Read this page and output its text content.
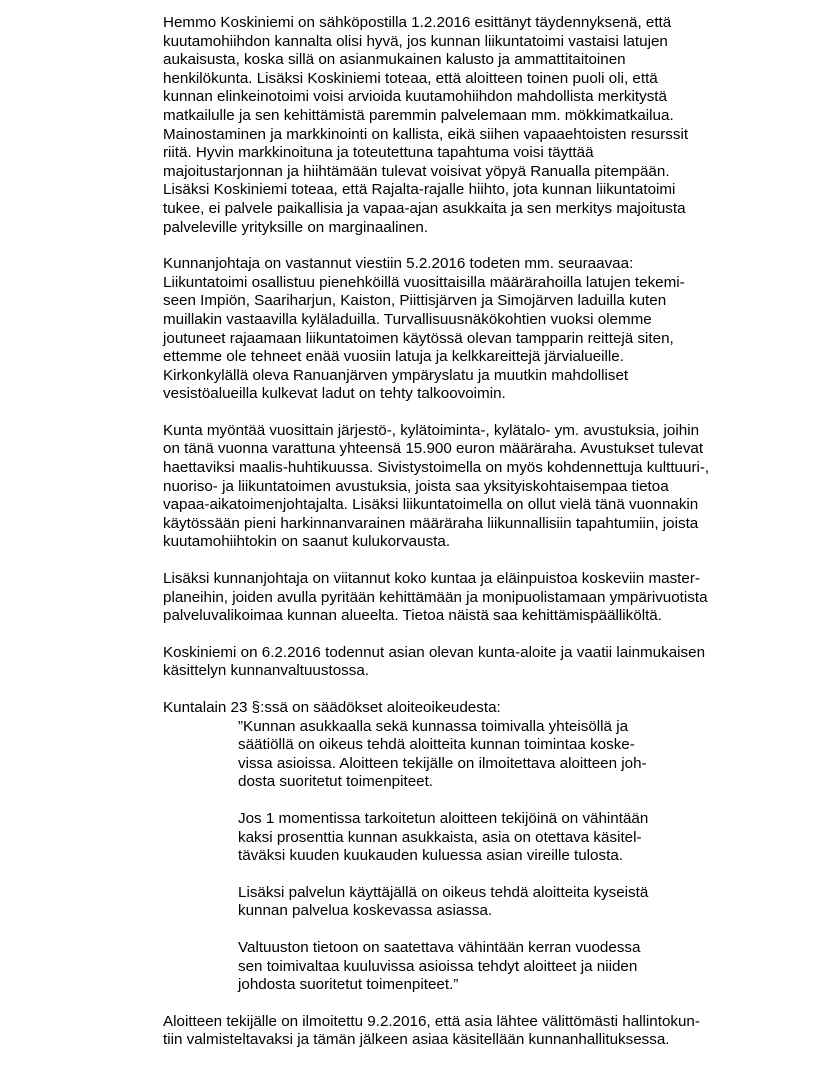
Hemmo Koskiniemi on sähköpostilla 1.2.2016 esittänyt täydennyksenä, että
kuutamohiihdon kannalta olisi hyvä, jos kunnan liikuntatoimi vastaisi latujen
aukaisusta, koska sillä on asianmukainen kalusto ja ammattitaitoinen
henkilökunta. Lisäksi Koskiniemi toteaa, että aloitteen toinen puoli oli, että
kunnan elinkeinotoimi voisi arvioida kuutamohiihdon mahdollista merkitystä
matkailulle ja sen kehittämistä paremmin palvelemaan mm. mökkimatkailua.
Mainostaminen ja markkinointi on kallista, eikä siihen vapaaehtoisten resurssit
riitä. Hyvin markkinoituna ja toteutettuna tapahtuma voisi täyttää
majoitustarjonnan ja hiihtämään tulevat voisivat yöpyä Ranualla pitempään.
Lisäksi Koskiniemi toteaa, että Rajalta-rajalle hiihto, jota kunnan liikuntatoimi
tukee, ei palvele paikallisia ja vapaa-ajan asukkaita ja sen merkitys majoitusta
palveleville yrityksille on marginaalinen.
Kunnanjohtaja on vastannut viestiin 5.2.2016 todeten mm. seuraavaa:
Liikuntatoimi osallistuu pienehköillä vuosittaisilla määrärahoilla latujen tekemi-
seen Impiön, Saariharjun, Kaiston, Piittisjärven ja Simojärven laduilla kuten
muillakin vastaavilla kyläladuilla. Turvallisuusnäkökohtien vuoksi olemme
joutuneet rajaamaan liikuntatoimen käytössä olevan tampparin reittejä siten,
ettemme ole tehneet enää vuosiin latuja ja kelkkareittejä järvialueille.
Kirkonkylällä oleva Ranuanjärven ympäryslatu ja muutkin mahdolliset
vesistöalueilla kulkevat ladut on tehty talkoovoimin.
Kunta myöntää vuosittain järjestö-, kylätoiminta-, kylätalo- ym. avustuksia, joihin
on tänä vuonna varattuna yhteensä 15.900 euron määräraha. Avustukset tulevat
haettaviksi maalis-huhtikuussa. Sivistystoimella on myös kohdennettuja kulttuuri-,
nuoriso- ja liikuntatoimen avustuksia, joista saa yksityiskohtaisempaa tietoa
vapaa-aikatoimenjohtajalta. Lisäksi liikuntatoimella on ollut vielä tänä vuonnakin
käytössään pieni harkinnanvarainen määräraha liikunnallisiin tapahtumiin, joista
kuutamohiihtokin on saanut kulukorvausta.
Lisäksi kunnanjohtaja on viitannut koko kuntaa ja eläinpuistoa koskeviin master-
planeihin, joiden avulla pyritään kehittämään ja monipuolistamaan ympärivuotista
palveluvalikoimaa kunnan alueelta. Tietoa näistä saa kehittämispäälliköltä.
Koskiniemi on 6.2.2016 todennut asian olevan kunta-aloite ja vaatii lainmukaisen
käsittelyn kunnanvaltuustossa.
Kuntalain 23 §:ssä on säädökset aloiteoikeudesta:
”Kunnan asukkaalla sekä kunnassa toimivalla yhteisöllä ja
säätiöllä on oikeus tehdä aloitteita kunnan toimintaa koske-
vissa asioissa. Aloitteen tekijälle on ilmoitettava aloitteen joh-
dosta suoritetut toimenpiteet.
Jos 1 momentissa tarkoitetun aloitteen tekijöinä on vähintään
kaksi prosenttia kunnan asukkaista, asia on otettava käsitel-
täväksi kuuden kuukauden kuluessa asian vireille tulosta.
Lisäksi palvelun käyttäjällä on oikeus tehdä aloitteita kyseistä
kunnan palvelua koskevassa asiassa.
Valtuuston tietoon on saatettava vähintään kerran vuodessa
sen toimivaltaa kuuluvissa asioissa tehdyt aloitteet ja niiden
johdosta suoritetut toimenpiteet.”
Aloitteen tekijälle on ilmoitettu 9.2.2016, että asia lähtee välittömästi hallintokun-
tiin valmisteltavaksi ja tämän jälkeen asiaa käsitellään kunnanhallituksessa.
